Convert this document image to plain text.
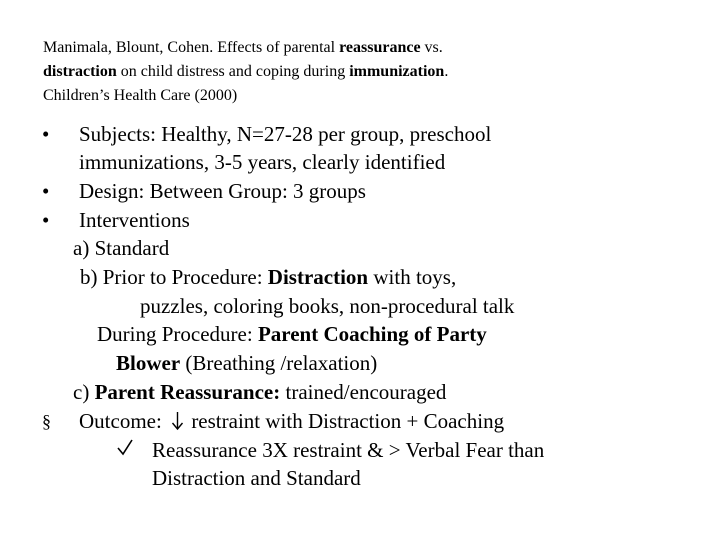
Manimala, Blount, Cohen. Effects of parental reassurance vs.
distraction on child distress and coping during immunization.
Children’s Health Care (2000)
• Subjects: Healthy, N=27-28 per group, preschool
immunizations, 3-5 years, clearly identified
• Design: Between Group: 3 groups
• Interventions
a) Standard
b) Prior to Procedure: Distraction with toys,
puzzles, coloring books, non-procedural talk
During Procedure: Parent Coaching of Party
Blower (Breathing /relaxation)
c) Parent Reassurance: trained/encouraged
§ Outcome:
restraint with Distraction + Coaching
Reassurance 3X restraint & > Verbal Fear than
Distraction and Standard
